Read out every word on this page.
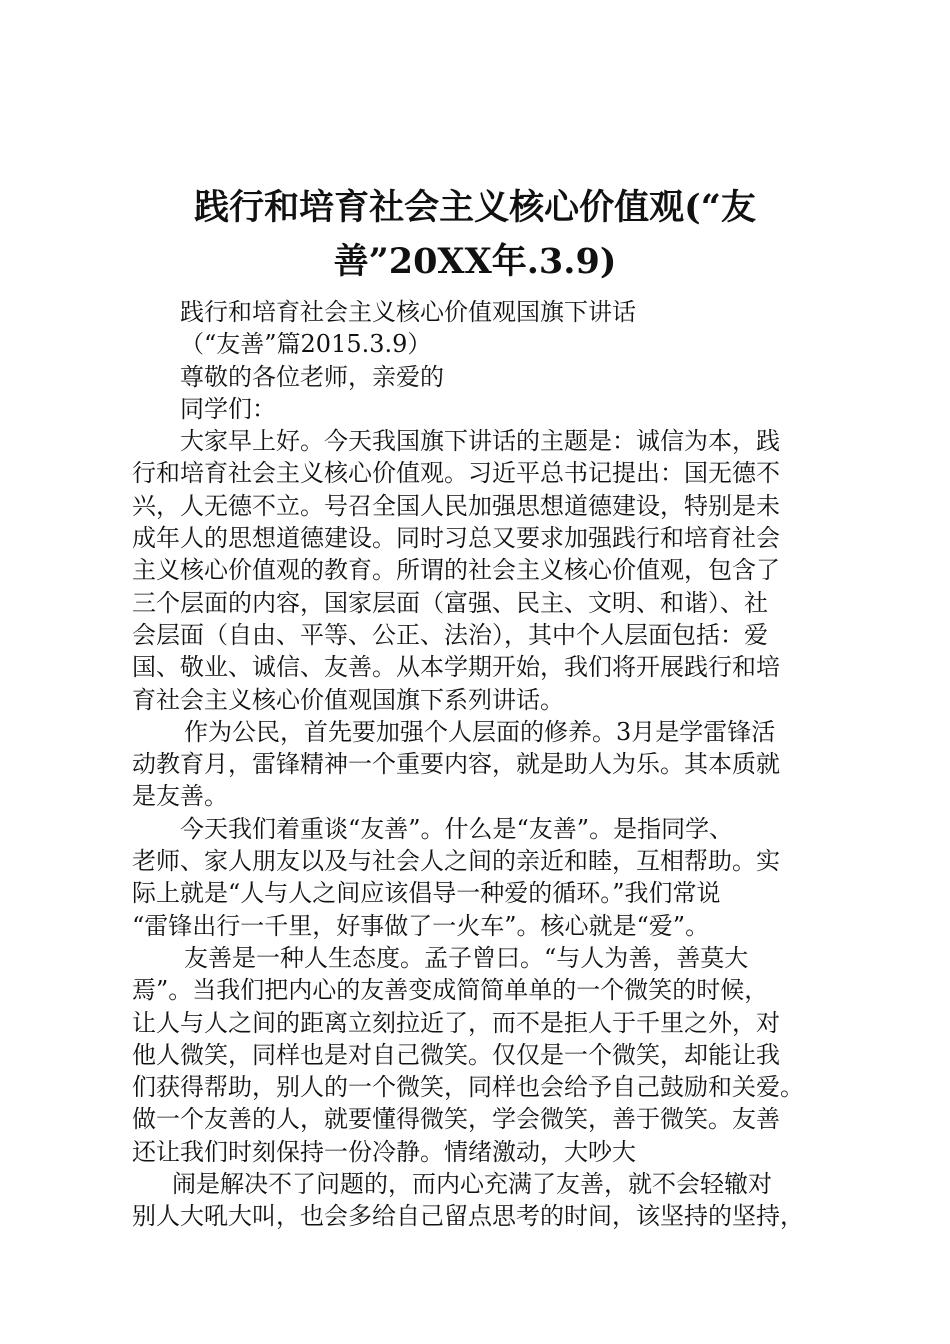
践行和培育社会主义核心价值观(“友
善”20XX年.3.9)
践行和培育社会主义核心价值观国旗下讲话
（“友善”篇2015.3.9）
尊敬的各位老师，亲爱的
同学们：
大家早上好。今天我国旗下讲话的主题是：诚信为本，践
行和培育社会主义核心价值观。习近平总书记提出：国无德不
兴，人无德不立。号召全国人民加强思想道德建设，特别是未
成年人的思想道德建设。同时习总又要求加强践行和培育社会
主义核心价值观的教育。所谓的社会主义核心价值观，包含了
三个层面的内容，国家层面（富强、民主、文明、和谐）、社
会层面（自由、平等、公正、法治），其中个人层面包括：爱
国、敬业、诚信、友善。从本学期开始，我们将开展践行和培
育社会主义核心价值观国旗下系列讲话。
作为公民，首先要加强个人层面的修养。3月是学雷锋活
动教育月，雷锋精神一个重要内容，就是助人为乐。其本质就
是友善。
今天我们着重谈“友善”。什么是“友善”。是指同学、
老师、家人朋友以及与社会人之间的亲近和睦，互相帮助。实
际上就是“人与人之间应该倡导一种爱的循环。”我们常说
“雷锋出行一千里，好事做了一火车”。核心就是“爱”。
友善是一种人生态度。孟子曾曰。“与人为善，善莫大
焉”。当我们把内心的友善变成简简单单的一个微笑的时候，
让人与人之间的距离立刻拉近了，而不是拒人于千里之外，对
他人微笑，同样也是对自己微笑。仅仅是一个微笑，却能让我
们获得帮助，别人的一个微笑，同样也会给予自己鼓励和关爱。
做一个友善的人，就要懂得微笑，学会微笑，善于微笑。友善
还让我们时刻保持一份冷静。情绪激动，大吵大
闹是解决不了问题的，而内心充满了友善，就不会轻辙对
别人大吼大叫，也会多给自己留点思考的时间，该坚持的坚持，
